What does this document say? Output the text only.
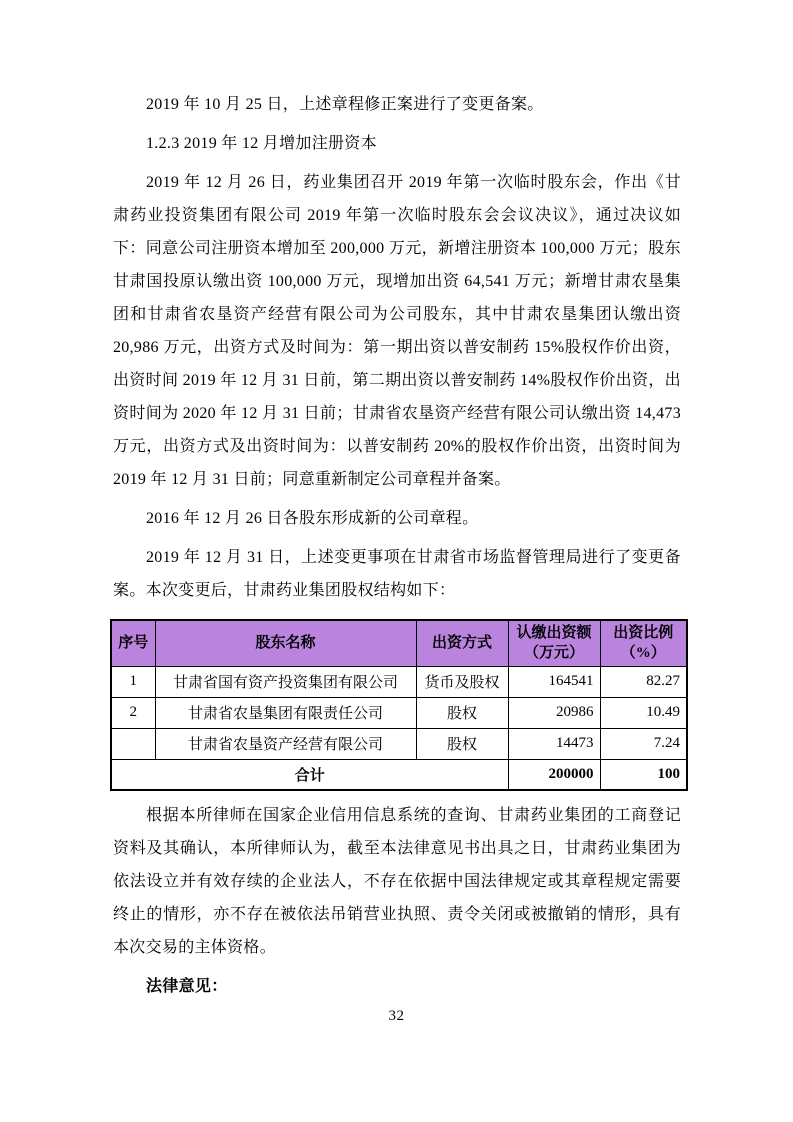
2019 年 10 月 25 日，上述章程修正案进行了变更备案。

1.2.3 2019 年 12 月增加注册资本

2019 年 12 月 26 日，药业集团召开 2019 年第一次临时股东会，作出《甘肃药业投资集团有限公司 2019 年第一次临时股东会会议决议》，通过决议如下：同意公司注册资本增加至 200,000 万元，新增注册资本 100,000 万元；股东甘肃国投原认缴出资 100,000 万元，现增加出资 64,541 万元；新增甘肃农垦集团和甘肃省农垦资产经营有限公司为公司股东，其中甘肃农垦集团认缴出资 20,986 万元，出资方式及时间为：第一期出资以普安制药 15%股权作价出资，出资时间 2019 年 12 月 31 日前，第二期出资以普安制药 14%股权作价出资，出资时间为 2020 年 12 月 31 日前；甘肃省农垦资产经营有限公司认缴出资 14,473 万元，出资方式及出资时间为：以普安制药 20%的股权作价出资，出资时间为 2019 年 12 月 31 日前；同意重新制定公司章程并备案。

2016 年 12 月 26 日各股东形成新的公司章程。

2019 年 12 月 31 日，上述变更事项在甘肃省市场监督管理局进行了变更备案。本次变更后，甘肃药业集团股权结构如下：

序号	股东名称	出资方式	认缴出资额（万元）	出资比例（%）
1	甘肃省国有资产投资集团有限公司	货币及股权	164541	82.27
2	甘肃省农垦集团有限责任公司	股权	20986	10.49
	甘肃省农垦资产经营有限公司	股权	14473	7.24
合计			200000	100

根据本所律师在国家企业信用信息系统的查询、甘肃药业集团的工商登记资料及其确认，本所律师认为，截至本法律意见书出具之日，甘肃药业集团为依法设立并有效存续的企业法人，不存在依据中国法律规定或其章程规定需要终止的情形，亦不存在被依法吊销营业执照、责令关闭或被撤销的情形，具有本次交易的主体资格。

法律意见：

32
